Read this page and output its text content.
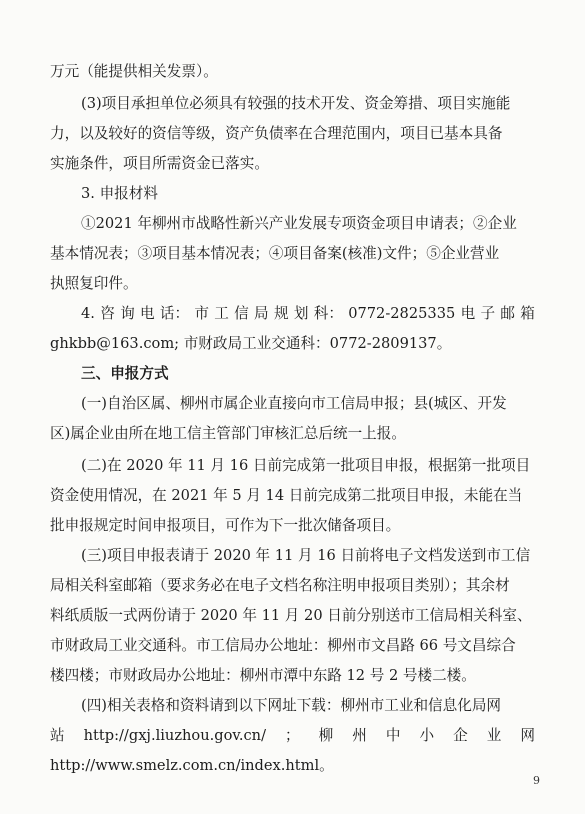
万元（能提供相关发票）。
(3)项目承担单位必须具有较强的技术开发、资金筹措、项目实施能
力，以及较好的资信等级，资产负债率在合理范围内，项目已基本具备
实施条件，项目所需资金已落实。
3. 申报材料
①2021 年柳州市战略性新兴产业发展专项资金项目申请表；②企业
基本情况表；③项目基本情况表；④项目备案(核准)文件；⑤企业营业
执照复印件。
4. 咨 询 电 话： 市 工 信 局 规 划 科： 0772-2825335 电 子 邮 箱
ghkbb@163.com; 市财政局工业交通科：0772-2809137。
三、申报方式
(一)自治区属、柳州市属企业直接向市工信局申报；县(城区、开发
区)属企业由所在地工信主管部门审核汇总后统一上报。
(二)在 2020 年 11 月 16 日前完成第一批项目申报，根据第一批项目
资金使用情况，在 2021 年 5 月 14 日前完成第二批项目申报，未能在当
批申报规定时间申报项目，可作为下一批次储备项目。
(三)项目申报表请于 2020 年 11 月 16 日前将电子文档发送到市工信
局相关科室邮箱（要求务必在电子文档名称注明申报项目类别）；其余材
料纸质版一式两份请于 2020 年 11 月 20 日前分别送市工信局相关科室、
市财政局工业交通科。市工信局办公地址：柳州市文昌路 66 号文昌综合
楼四楼；市财政局办公地址：柳州市潭中东路 12 号 2 号楼二楼。
(四)相关表格和资料请到以下网址下载：柳州市工业和信息化局网
站 http://gxj.liuzhou.gov.cn/ ； 柳 州 中 小 企 业 网
http://www.smelz.com.cn/index.html。
9
